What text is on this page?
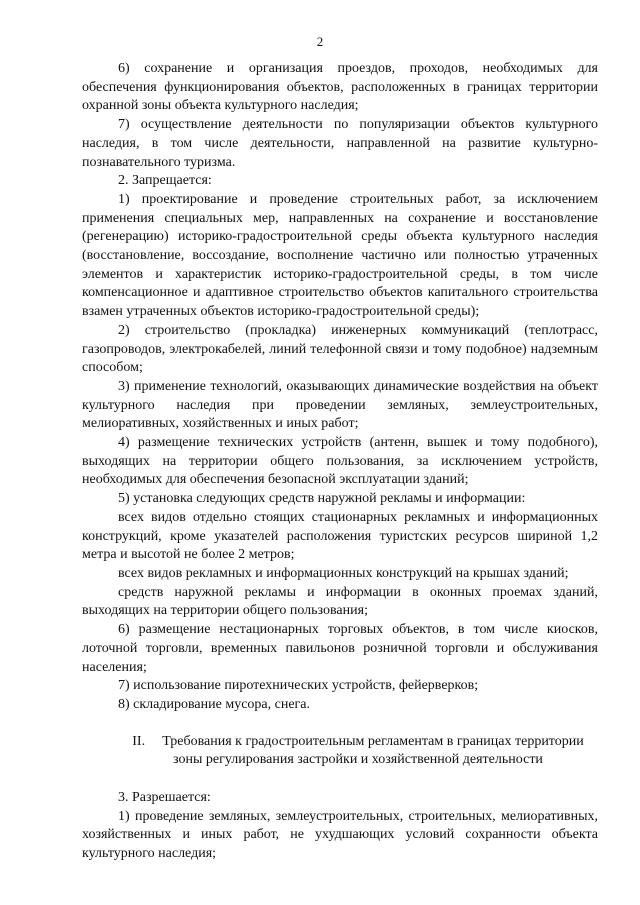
2

6) сохранение и организация проездов, проходов, необходимых для обеспечения функционирования объектов, расположенных в границах территории охранной зоны объекта культурного наследия;

7) осуществление деятельности по популяризации объектов культурного наследия, в том числе деятельности, направленной на развитие культурно-познавательного туризма.

2. Запрещается:

1) проектирование и проведение строительных работ, за исключением применения специальных мер, направленных на сохранение и восстановление (регенерацию) историко-градостроительной среды объекта культурного наследия (восстановление, воссоздание, восполнение частично или полностью утраченных элементов и характеристик историко-градостроительной среды, в том числе компенсационное и адаптивное строительство объектов капитального строительства взамен утраченных объектов историко-градостроительной среды);

2) строительство (прокладка) инженерных коммуникаций (теплотрасс, газопроводов, электрокабелей, линий телефонной связи и тому подобное) надземным способом;

3) применение технологий, оказывающих динамические воздействия на объект культурного наследия при проведении земляных, землеустроительных, мелиоративных, хозяйственных и иных работ;

4) размещение технических устройств (антенн, вышек и тому подобного), выходящих на территории общего пользования, за исключением устройств, необходимых для обеспечения безопасной эксплуатации зданий;

5) установка следующих средств наружной рекламы и информации:

всех видов отдельно стоящих стационарных рекламных и информационных конструкций, кроме указателей расположения туристских ресурсов шириной 1,2 метра и высотой не более 2 метров;

всех видов рекламных и информационных конструкций на крышах зданий;

средств наружной рекламы и информации в оконных проемах зданий, выходящих на территории общего пользования;

6) размещение нестационарных торговых объектов, в том числе киосков, лоточной торговли, временных павильонов розничной торговли и обслуживания населения;

7) использование пиротехнических устройств, фейерверков;

8) складирование мусора, снега.

II. Требования к градостроительным регламентам в границах территории зоны регулирования застройки и хозяйственной деятельности

3. Разрешается:

1) проведение земляных, землеустроительных, строительных, мелиоративных, хозяйственных и иных работ, не ухудшающих условий сохранности объекта культурного наследия;
